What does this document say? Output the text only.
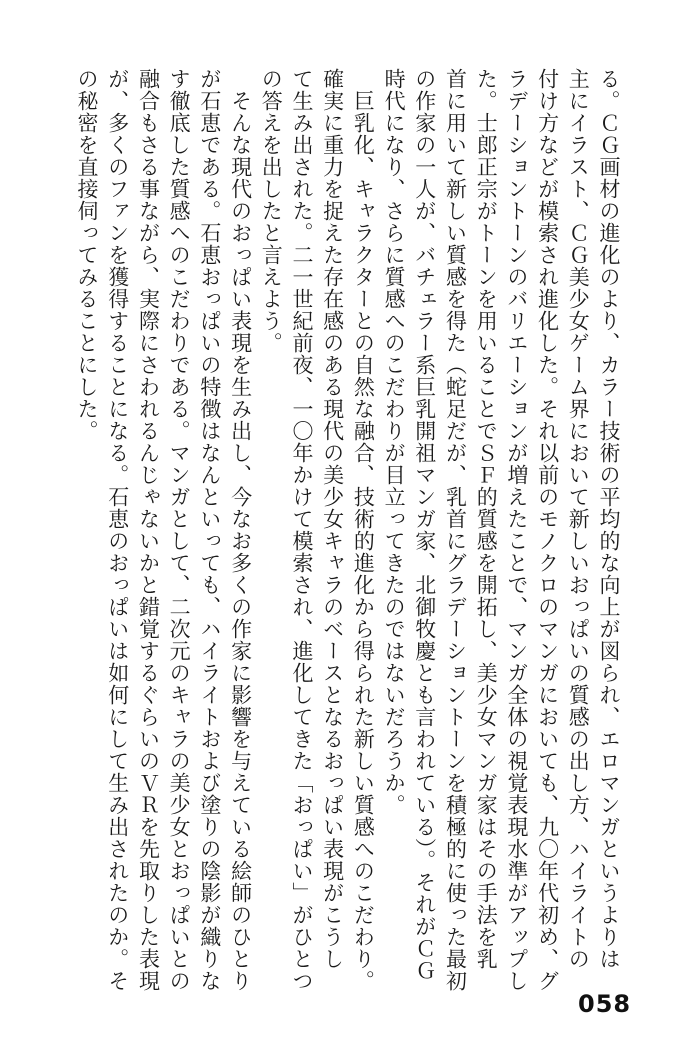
る。ＣＧ画材の進化のより、カラー技術の平均的な向上が図られ、エロマンガというよりは
主にイラスト、ＣＧ美少女ゲーム界において新しいおっぱいの質感の出し方、ハイライトの
付け方などが模索され進化した。それ以前のモノクロのマンガにおいても、九〇年代初め、グ
ラデーショントーンのバリエーションが増えたことで、マンガ全体の視覚表現水準がアップし
た。士郎正宗がトーンを用いることでＳＦ的質感を開拓し、美少女マンガ家はその手法を乳
首に用いて新しい質感を得た（蛇足だが、乳首にグラデーショントーンを積極的に使った最初
の作家の一人が、バチェラー系巨乳開祖マンガ家、北御牧慶とも言われている）。それがＣＧ
時代になり、さらに質感へのこだわりが目立ってきたのではないだろうか。
　巨乳化、キャラクターとの自然な融合、技術的進化から得られた新しい質感へのこだわり。
確実に重力を捉えた存在感のある現代の美少女キャラのベースとなるおっぱい表現がこうし
て生み出された。二一世紀前夜、一〇年かけて模索され、進化してきた「おっぱい」がひとつ
の答えを出したと言えよう。
　そんな現代のおっぱい表現を生み出し、今なお多くの作家に影響を与えている絵師のひとり
が石恵である。石恵おっぱいの特徴はなんといっても、ハイライトおよび塗りの陰影が織りな
す徹底した質感へのこだわりである。マンガとして、二次元のキャラの美少女とおっぱいとの
融合もさる事ながら、実際にさわれるんじゃないかと錯覚するぐらいのＶＲを先取りした表現
が、多くのファンを獲得することになる。石恵のおっぱいは如何にして生み出されたのか。そ
の秘密を直接伺ってみることにした。
058
